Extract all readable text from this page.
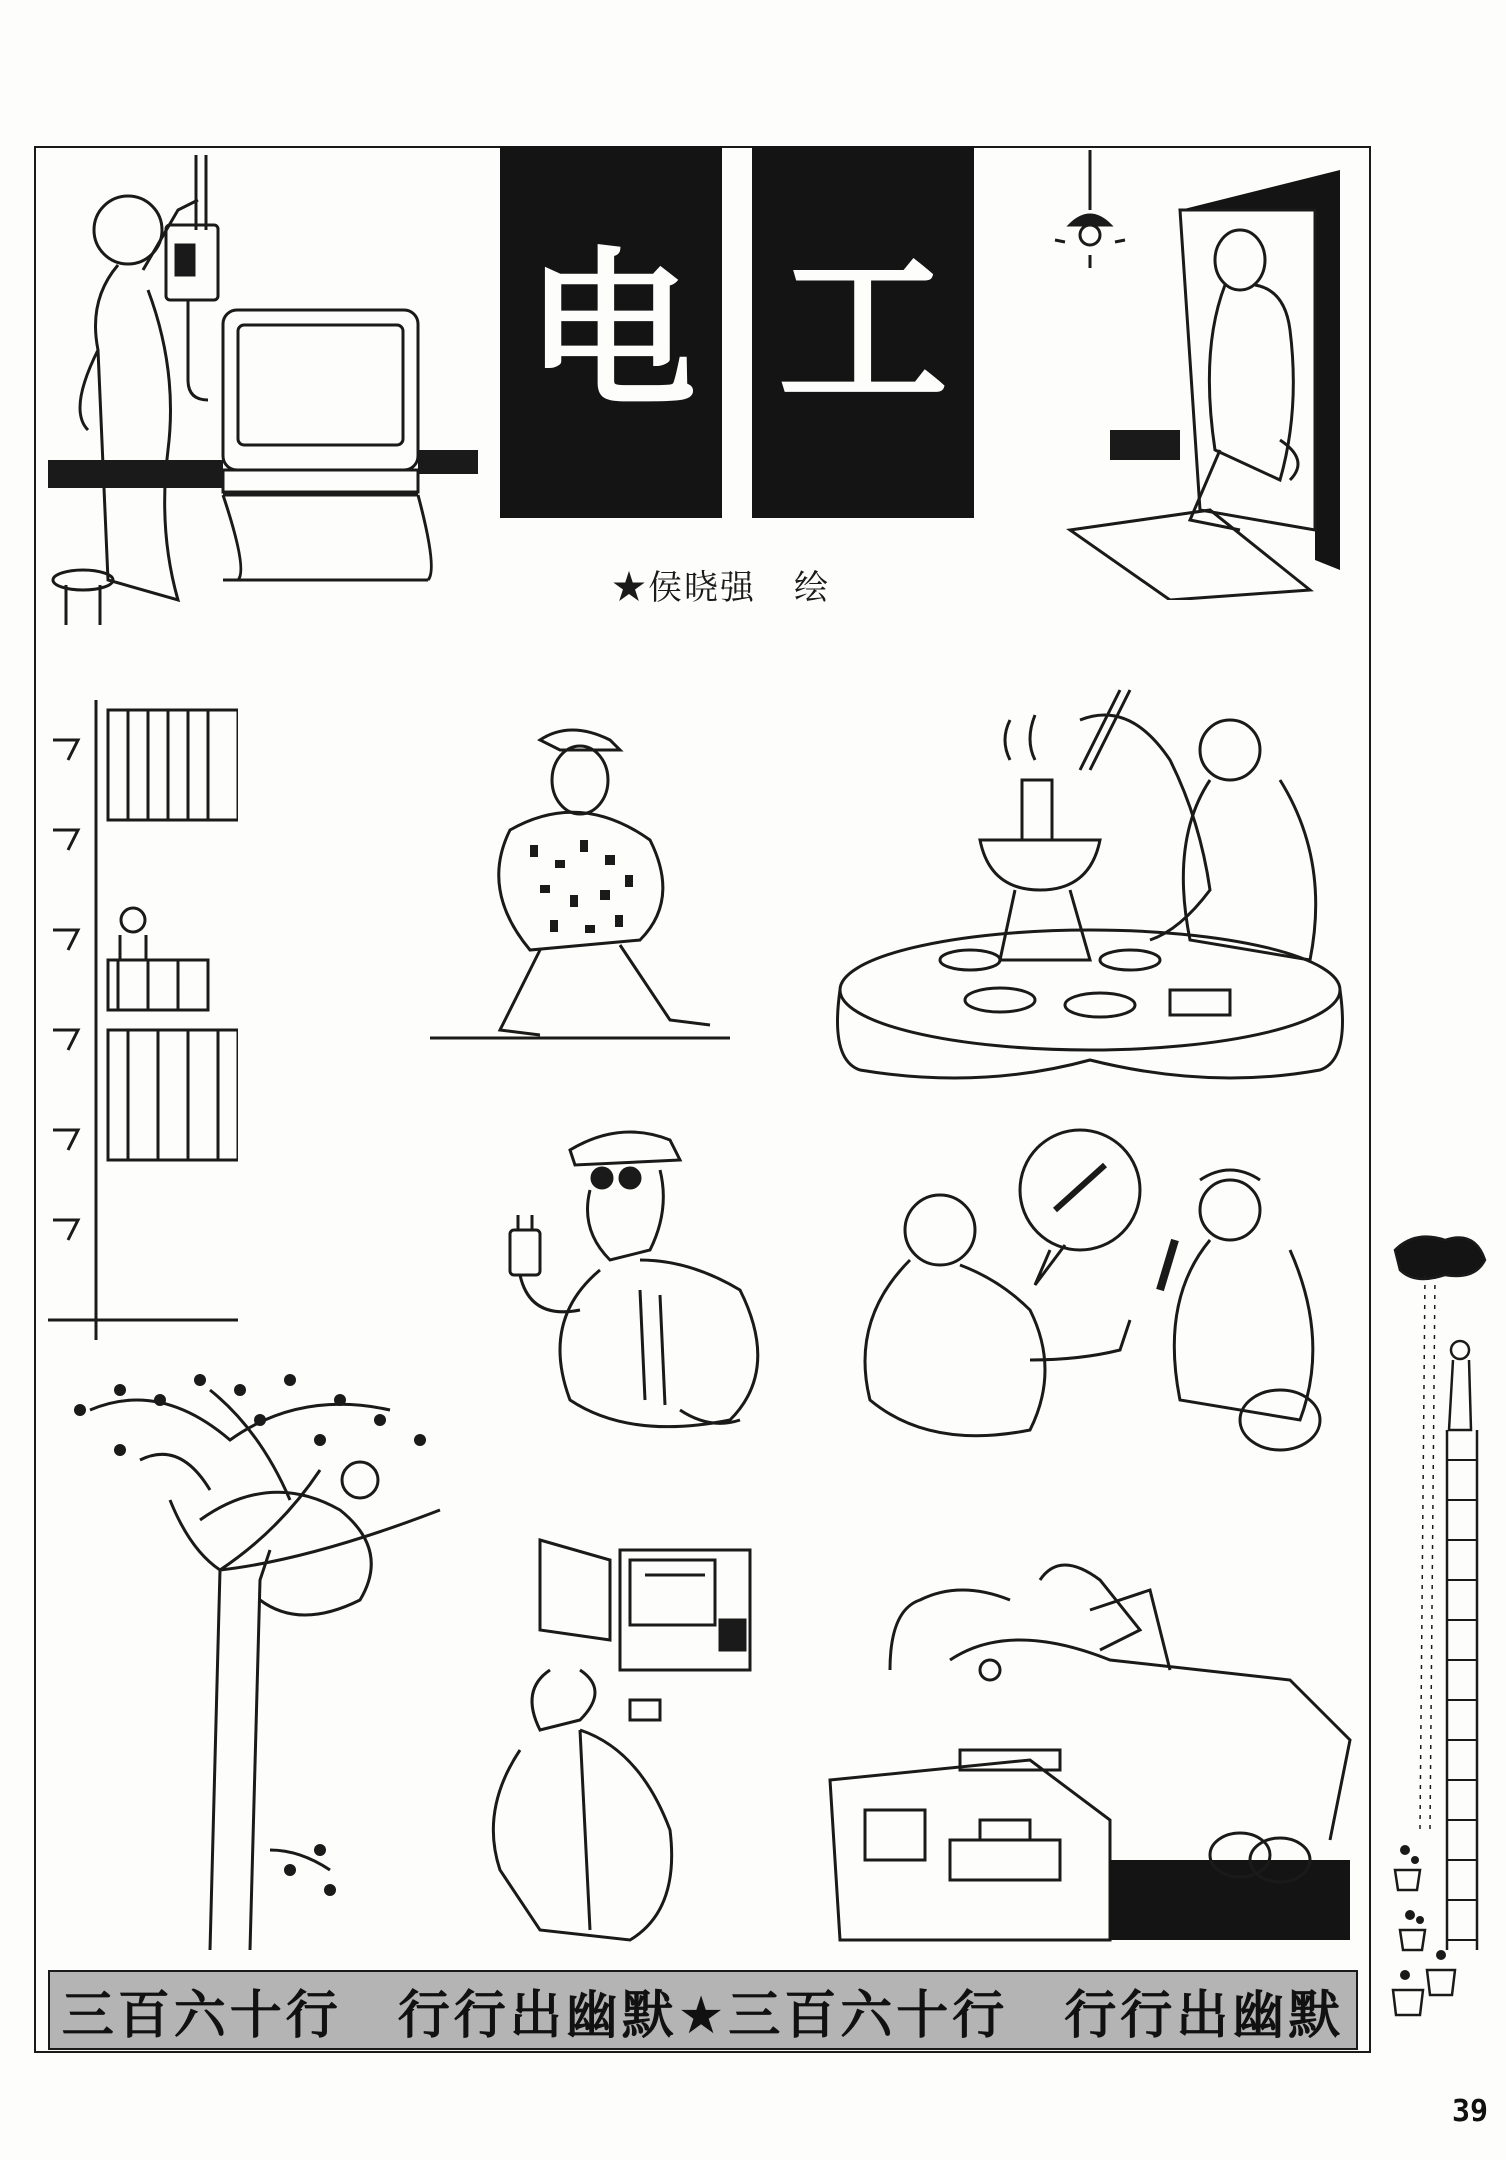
电 工
★侯晓强 绘
三百六十行　行行出幽默★三百六十行　行行出幽默
39
